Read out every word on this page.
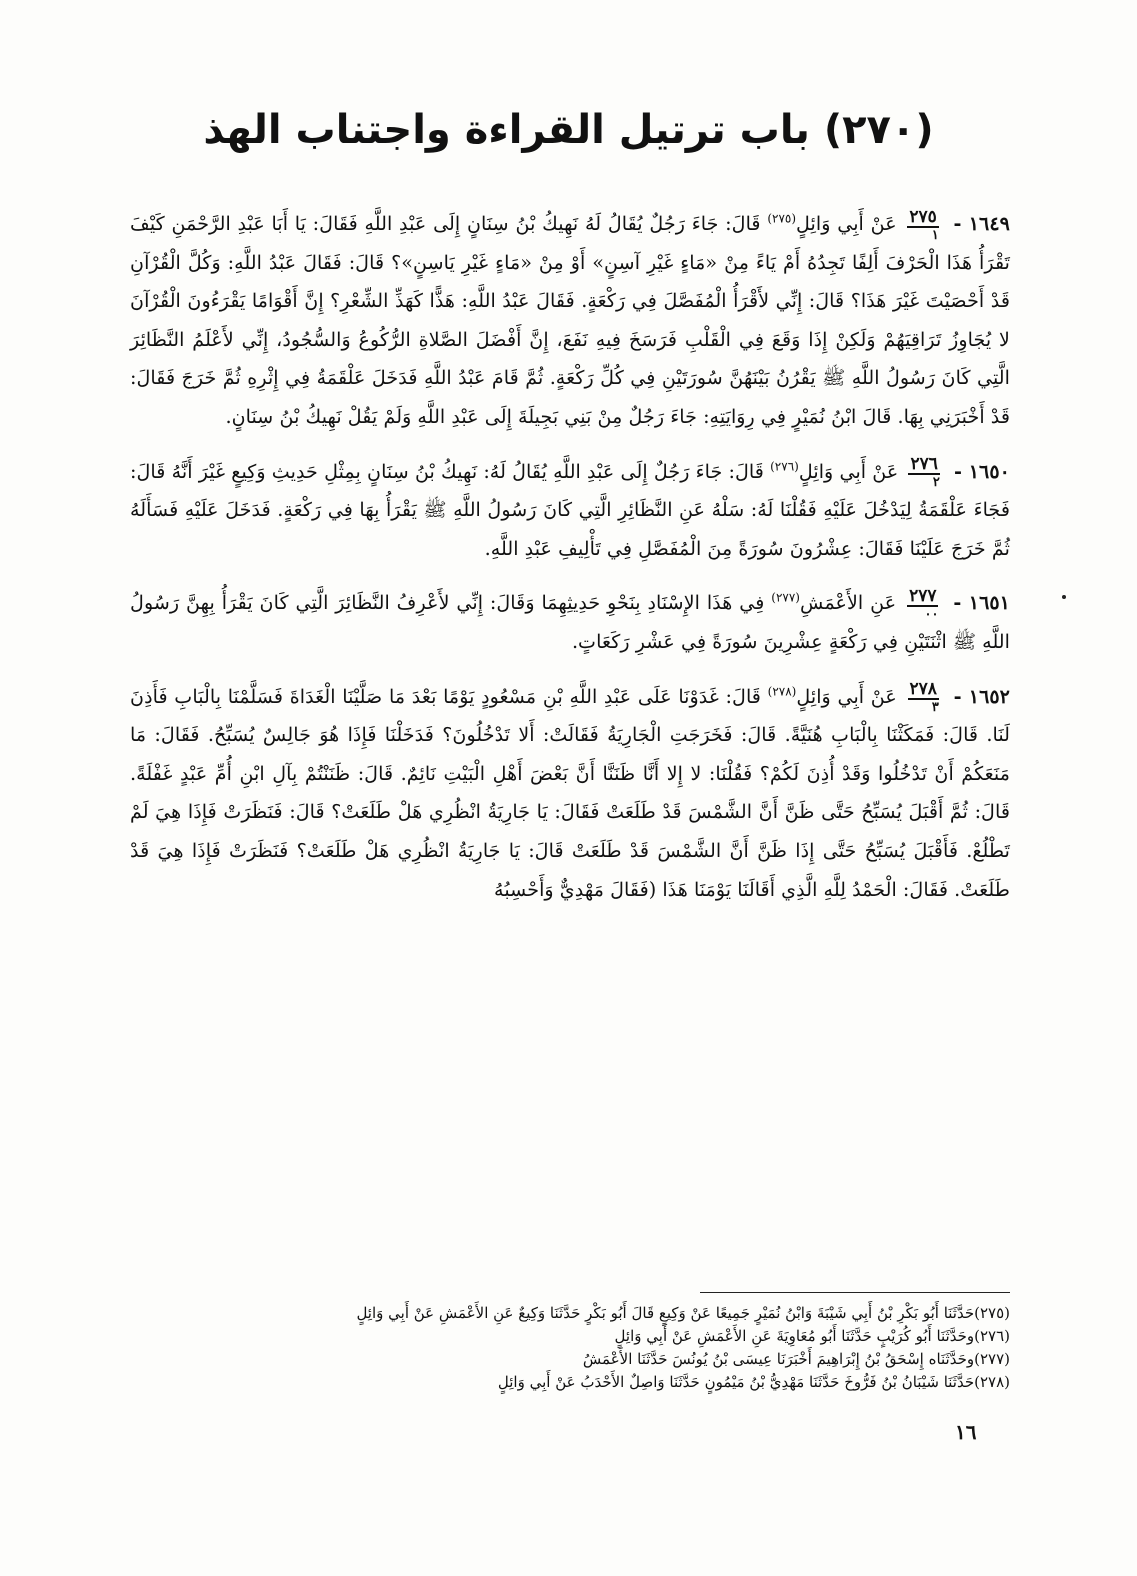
(٢٧٠) باب ترتيل القراءة واجتناب الهذ

١٦٤٩ -
٢٧٥
١
عَنْ أَبِي وَائِلٍ$^{(٢٧٥)}$ قَالَ: جَاءَ رَجُلٌ يُقَالُ لَهُ نَهِيكُ بْنُ سِنَانٍ إِلَى عَبْدِ اللَّهِ فَقَالَ: يَا أَبَا عَبْدِ الرَّحْمَنِ كَيْفَ تَقْرَأُ هَذَا الْحَرْفَ أَلِفًا تَجِدُهُ أَمْ يَاءً مِنْ «مَاءٍ غَيْرِ آسِنٍ» أَوْ مِنْ «مَاءٍ غَيْرِ يَاسِنٍ»؟ قَالَ: فَقَالَ عَبْدُ اللَّهِ: وَكُلَّ الْقُرْآنِ قَدْ أَحْصَيْتَ غَيْرَ هَذَا؟ قَالَ: إِنِّي لأَقْرَأُ الْمُفَصَّلَ فِي رَكْعَةٍ. فَقَالَ عَبْدُ اللَّهِ: هَذًّا كَهَذِّ الشِّعْرِ؟ إِنَّ أَقْوَامًا يَقْرَءُونَ الْقُرْآنَ لا يُجَاوِزُ تَرَاقِيَهُمْ وَلَكِنْ إِذَا وَقَعَ فِي الْقَلْبِ فَرَسَخَ فِيهِ نَفَعَ، إِنَّ أَفْضَلَ الصَّلاةِ الرُّكُوعُ وَالسُّجُودُ، إِنِّي لأَعْلَمُ النَّظَائِرَ الَّتِي كَانَ رَسُولُ اللَّهِ ﷺ يَقْرُنُ بَيْنَهُنَّ سُورَتَيْنِ فِي كُلِّ رَكْعَةٍ. ثُمَّ قَامَ عَبْدُ اللَّهِ فَدَخَلَ عَلْقَمَةُ فِي إِثْرِهِ ثُمَّ خَرَجَ فَقَالَ: قَدْ أَخْبَرَنِي بِهَا. قَالَ ابْنُ نُمَيْرٍ فِي رِوَايَتِهِ: جَاءَ رَجُلٌ مِنْ بَنِي بَجِيلَةَ إِلَى عَبْدِ اللَّهِ وَلَمْ يَقُلْ نَهِيكُ بْنُ سِنَانٍ.

١٦٥٠ -
٢٧٦
٢
عَنْ أَبِي وَائِلٍ$^{(٢٧٦)}$ قَالَ: جَاءَ رَجُلٌ إِلَى عَبْدِ اللَّهِ يُقَالُ لَهُ: نَهِيكُ بْنُ سِنَانٍ بِمِثْلِ حَدِيثِ وَكِيعٍ غَيْرَ أَنَّهُ قَالَ: فَجَاءَ عَلْقَمَةُ لِيَدْخُلَ عَلَيْهِ فَقُلْنَا لَهُ: سَلْهُ عَنِ النَّظَائِرِ الَّتِي كَانَ رَسُولُ اللَّهِ ﷺ يَقْرَأُ بِهَا فِي رَكْعَةٍ. فَدَخَلَ عَلَيْهِ فَسَأَلَهُ ثُمَّ خَرَجَ عَلَيْنَا فَقَالَ: عِشْرُونَ سُورَةً مِنَ الْمُفَصَّلِ فِي تَأْلِيفِ عَبْدِ اللَّهِ.

١٦٥١ -
٢٧٧
٠٠
عَنِ الأَعْمَشِ$^{(٢٧٧)}$ فِي هَذَا الإِسْنَادِ بِنَحْوِ حَدِيثِهِمَا وَقَالَ: إِنِّي لأَعْرِفُ النَّظَائِرَ الَّتِي كَانَ يَقْرَأُ بِهِنَّ رَسُولُ اللَّهِ ﷺ اثْنَتَيْنِ فِي رَكْعَةٍ عِشْرِينَ سُورَةً فِي عَشْرِ رَكَعَاتٍ.

١٦٥٢ -
٢٧٨
٣
عَنْ أَبِي وَائِلٍ$^{(٢٧٨)}$ قَالَ: غَدَوْنَا عَلَى عَبْدِ اللَّهِ بْنِ مَسْعُودٍ يَوْمًا بَعْدَ مَا صَلَّيْنَا الْغَدَاةَ فَسَلَّمْنَا بِالْبَابِ فَأَذِنَ لَنَا. قَالَ: فَمَكَثْنَا بِالْبَابِ هُنَيَّةً. قَالَ: فَخَرَجَتِ الْجَارِيَةُ فَقَالَتْ: أَلا تَدْخُلُونَ؟ فَدَخَلْنَا فَإِذَا هُوَ جَالِسٌ يُسَبِّحُ. فَقَالَ: مَا مَنَعَكُمْ أَنْ تَدْخُلُوا وَقَدْ أُذِنَ لَكُمْ؟ فَقُلْنَا: لا إِلا أَنَّا ظَنَنَّا أَنَّ بَعْضَ أَهْلِ الْبَيْتِ نَائِمٌ. قَالَ: ظَنَنْتُمْ بِآلِ ابْنِ أُمِّ عَبْدٍ غَفْلَةً. قَالَ: ثُمَّ أَقْبَلَ يُسَبِّحُ حَتَّى ظَنَّ أَنَّ الشَّمْسَ قَدْ طَلَعَتْ فَقَالَ: يَا جَارِيَةُ انْظُرِي هَلْ طَلَعَتْ؟ قَالَ: فَنَظَرَتْ فَإِذَا هِيَ لَمْ تَطْلُعْ. فَأَقْبَلَ يُسَبِّحُ حَتَّى إِذَا ظَنَّ أَنَّ الشَّمْسَ قَدْ طَلَعَتْ قَالَ: يَا جَارِيَةُ انْظُرِي هَلْ طَلَعَتْ؟ فَنَظَرَتْ فَإِذَا هِيَ قَدْ طَلَعَتْ. فَقَالَ: الْحَمْدُ لِلَّهِ الَّذِي أَقَالَنَا يَوْمَنَا هَذَا (فَقَالَ مَهْدِيٌّ وَأَحْسِبُهُ

(٢٧٥)حَدَّثَنَا أَبُو بَكْرِ بْنُ أَبِي شَيْبَةَ وَابْنُ نُمَيْرٍ جَمِيعًا عَنْ وَكِيعٍ قَالَ أَبُو بَكْرٍ حَدَّثَنَا وَكِيعٌ عَنِ الأَعْمَشِ عَنْ أَبِي وَائِلٍ
(٢٧٦)وحَدَّثَنَا أَبُو كُرَيْبٍ حَدَّثَنَا أَبُو مُعَاوِيَةَ عَنِ الأَعْمَشِ عَنْ أَبِي وَائِلٍ
(٢٧٧)وحَدَّثَنَاه إِسْحَقُ بْنُ إِبْرَاهِيمَ أَخْبَرَنَا عِيسَى بْنُ يُونُسَ حَدَّثَنَا الأَعْمَشُ
(٢٧٨)حَدَّثَنَا شَيْبَانُ بْنُ فَرُّوخَ حَدَّثَنَا مَهْدِيُّ بْنُ مَيْمُونٍ حَدَّثَنَا وَاصِلٌ الأَحْدَبُ عَنْ أَبِي وَائِلٍ
١٦
